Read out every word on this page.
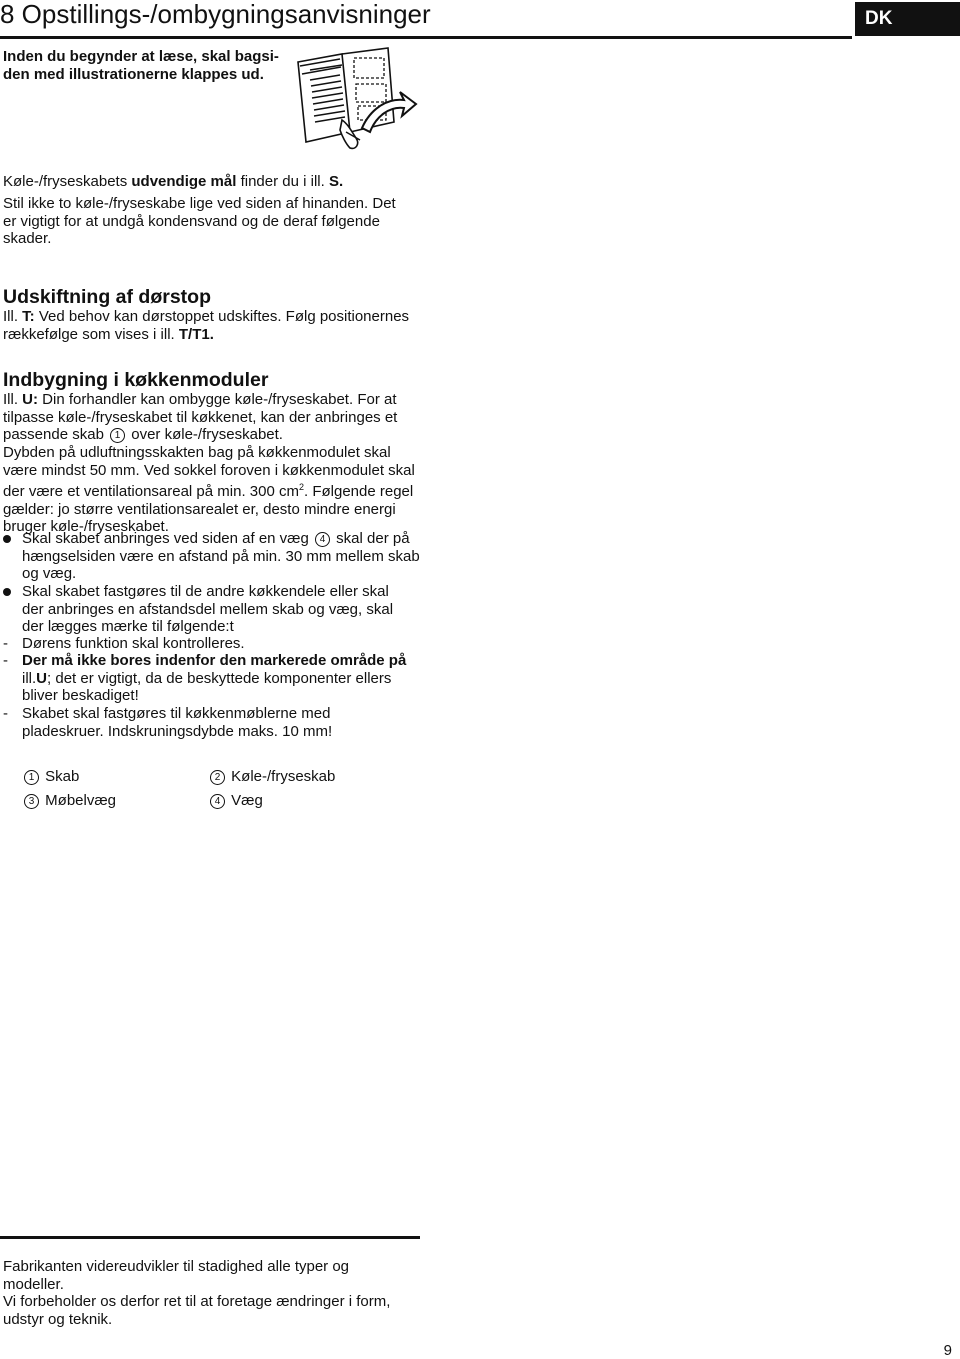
8 Opstillings-/ombygningsanvisninger	DK
Inden du begynder at læse, skal bagsi-
den med illustrationerne klappes ud.
Køle-/fryseskabets udvendige mål finder du i ill. S.
Stil ikke to køle-/fryseskabe lige ved siden af hinanden. Det er vigtigt for at undgå kondensvand og de deraf følgende skader.
Udskiftning af dørstop
Ill. T: Ved behov kan dørstoppet udskiftes. Følg positionernes rækkefølge som vises i ill. T/T1.
Indbygning i køkkenmoduler
Ill. U: Din forhandler kan ombygge køle-/fryseskabet. For at tilpasse køle-/fryseskabet til køkkenet, kan der anbringes et passende skab 1 over køle-/fryseskabet.
Dybden på udluftningsskakten bag på køkkenmodulet skal være mindst 50 mm. Ved sokkel foroven i køkkenmodulet skal der være et ventilationsareal på min. 300 $cm^2$. Følgende regel gælder: jo større ventilationsarealet er, desto mindre energi bruger køle-/fryseskabet.
Skal skabet anbringes ved siden af en væg 4 skal der på hængselsiden være en afstand på min. 30 mm mellem skab og væg.
Skal skabet fastgøres til de andre køkkendele eller skal der anbringes en afstandsdel mellem skab og væg, skal der lægges mærke til følgende:t
- Dørens funktion skal kontrolleres.
- Der må ikke bores indenfor den markerede område på ill.U; det er vigtigt, da de beskyttede komponenter ellers bliver beskadiget!
- Skabet skal fastgøres til køkkenmøblerne med pladeskruer. Indskruningsdybde maks. 10 mm!
1 Skab	2 Køle-/fryseskab
3 Møbelvæg	4 Væg
Fabrikanten videreudvikler til stadighed alle typer og modeller.
Vi forbeholder os derfor ret til at foretage ændringer i form, udstyr og teknik.
9
